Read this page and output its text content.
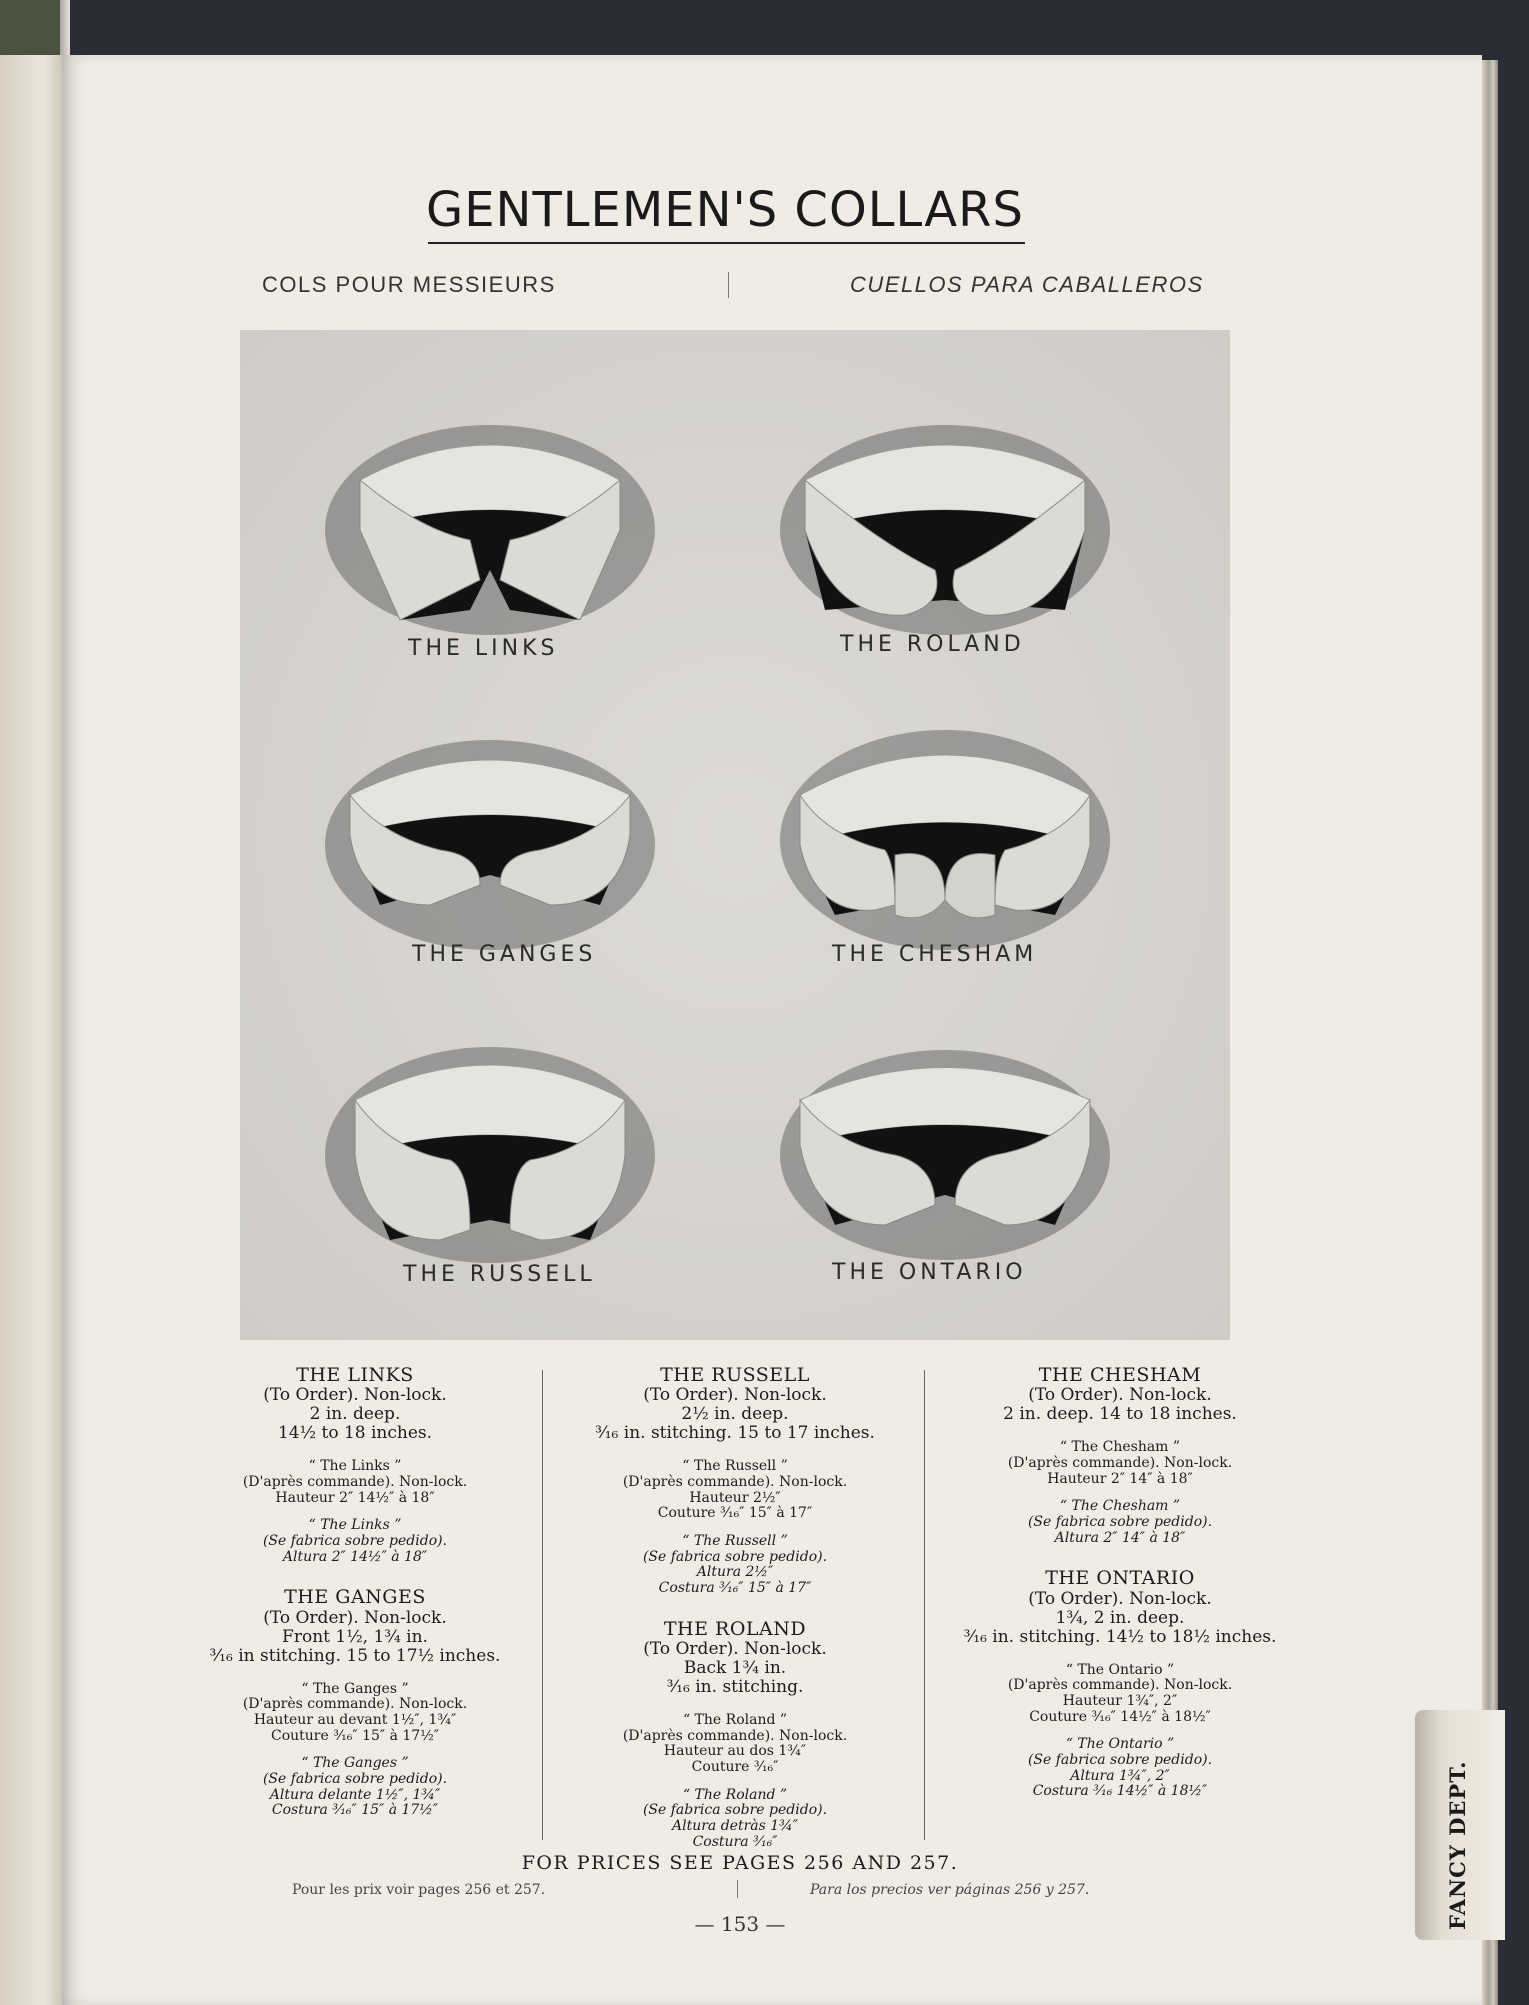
GENTLEMEN'S COLLARS
COLS POUR MESSIEURS	CUELLOS PARA CABALLEROS
THE LINKS	THE ROLAND
THE GANGES	THE CHESHAM
THE RUSSELL	THE ONTARIO
THE LINKS
(To Order). Non-lock.
2 in. deep.
14½ to 18 inches.
“ The Links ”
(D'après commande). Non-lock.
Hauteur 2″ 14½″ à 18″
“ The Links ”
(Se fabrica sobre pedido).
Altura 2″ 14½″ à 18″
THE GANGES
(To Order). Non-lock.
Front 1½, 1¾ in.
³⁄₁₆ in stitching. 15 to 17½ inches.
“ The Ganges ”
(D'après commande). Non-lock.
Hauteur au devant 1½″, 1¾″
Couture ³⁄₁₆″ 15″ à 17½″
“ The Ganges ”
(Se fabrica sobre pedido).
Altura delante 1½″, 1¾″
Costura ³⁄₁₆″ 15″ à 17½″
THE RUSSELL
(To Order). Non-lock.
2½ in. deep.
³⁄₁₆ in. stitching. 15 to 17 inches.
“ The Russell ”
(D'après commande). Non-lock.
Hauteur 2½″
Couture ³⁄₁₆″ 15″ à 17″
“ The Russell ”
(Se fabrica sobre pedido).
Altura 2½″
Costura ³⁄₁₆″ 15″ à 17″
THE ROLAND
(To Order). Non-lock.
Back 1¾ in.
³⁄₁₆ in. stitching.
“ The Roland ”
(D'après commande). Non-lock.
Hauteur au dos 1¾″
Couture ³⁄₁₆″
“ The Roland ”
(Se fabrica sobre pedido).
Altura detràs 1¾″
Costura ³⁄₁₆″
THE CHESHAM
(To Order). Non-lock.
2 in. deep. 14 to 18 inches.
“ The Chesham ”
(D'après commande). Non-lock.
Hauteur 2″ 14″ à 18″
“ The Chesham ”
(Se fabrica sobre pedido).
Altura 2″ 14″ à 18″
THE ONTARIO
(To Order). Non-lock.
1¾, 2 in. deep.
³⁄₁₆ in. stitching. 14½ to 18½ inches.
“ The Ontario ”
(D'après commande). Non-lock.
Hauteur 1¾″, 2″
Couture ³⁄₁₆″ 14½″ à 18½″
“ The Ontario ”
(Se fabrica sobre pedido).
Altura 1¾″, 2″
Costura ³⁄₁₆ 14½″ à 18½″
FOR PRICES SEE PAGES 256 AND 257.
Pour les prix voir pages 256 et 257.	Para los precios ver páginas 256 y 257.
— 153 —	FANCY DEPT.
